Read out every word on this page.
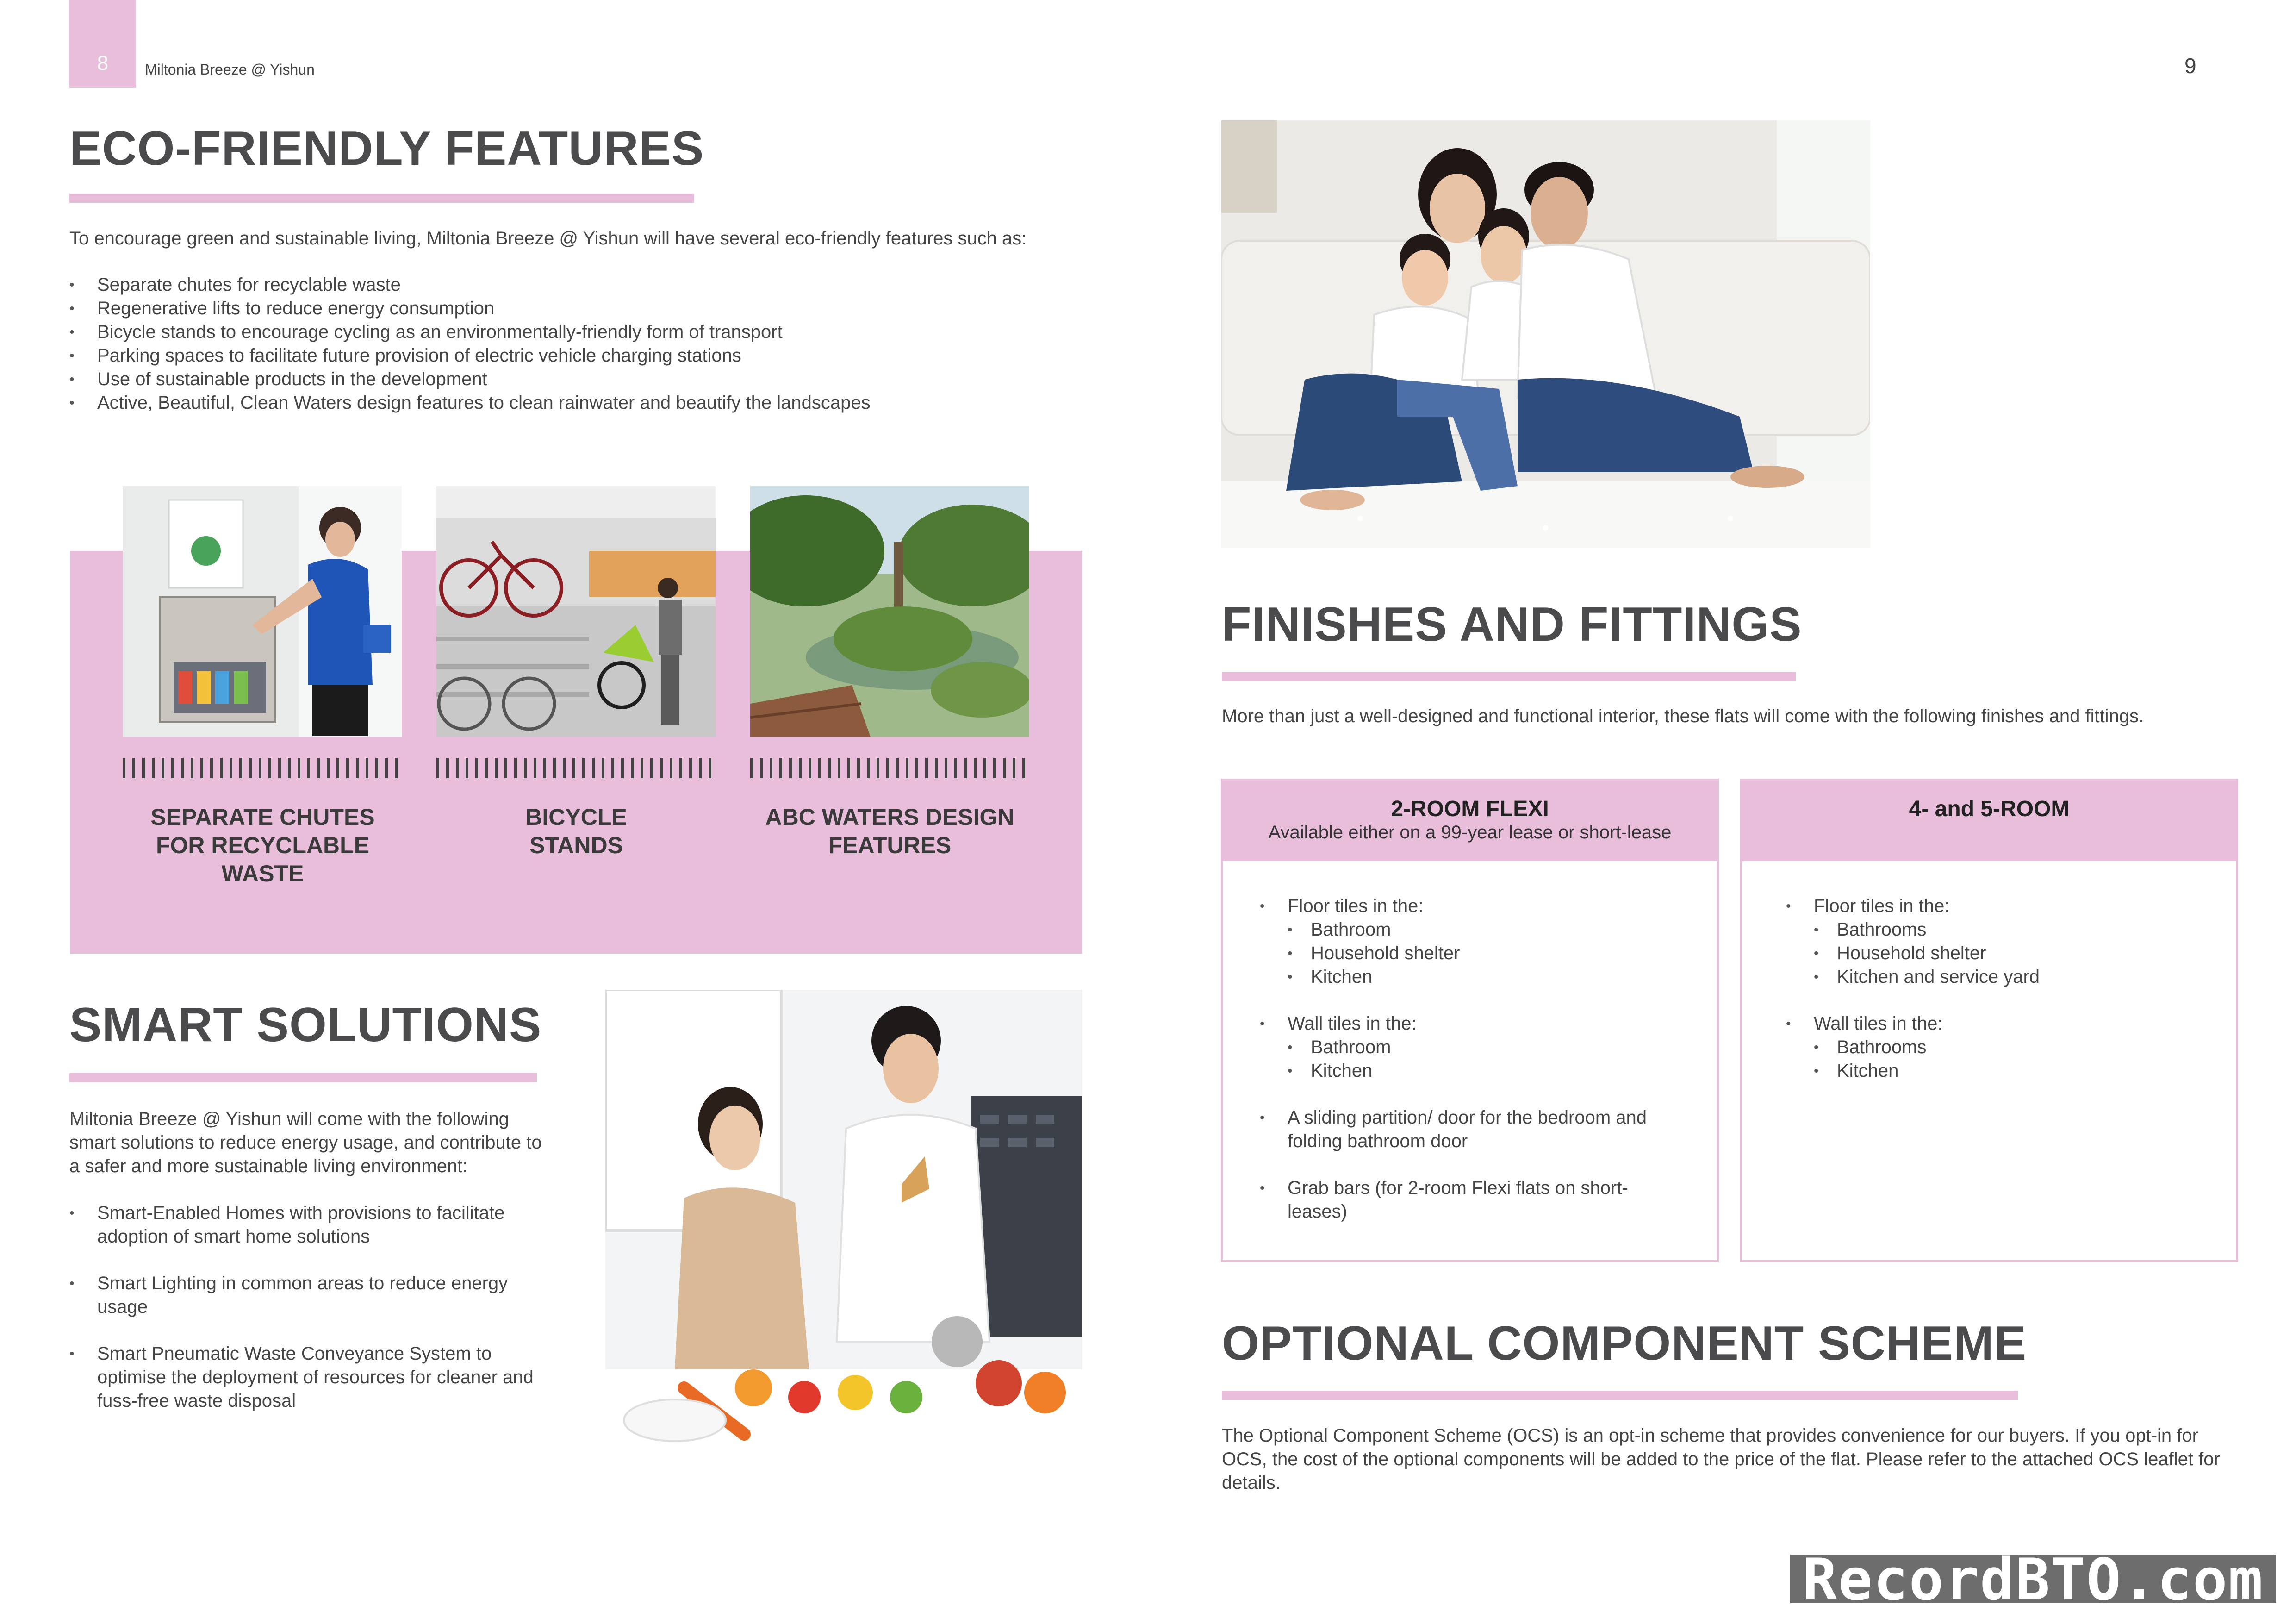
8	Miltonia Breeze @ Yishun	9
ECO-FRIENDLY FEATURES
To encourage green and sustainable living, Miltonia Breeze @ Yishun will have several eco-friendly features such as:
• Separate chutes for recyclable waste
• Regenerative lifts to reduce energy consumption
• Bicycle stands to encourage cycling as an environmentally-friendly form of transport
• Parking spaces to facilitate future provision of electric vehicle charging stations
• Use of sustainable products in the development
• Active, Beautiful, Clean Waters design features to clean rainwater and beautify the landscapes
SEPARATE CHUTES FOR RECYCLABLE WASTE
BICYCLE STANDS
ABC WATERS DESIGN FEATURES
SMART SOLUTIONS
Miltonia Breeze @ Yishun will come with the following smart solutions to reduce energy usage, and contribute to a safer and more sustainable living environment:
• Smart-Enabled Homes with provisions to facilitate adoption of smart home solutions
• Smart Lighting in common areas to reduce energy usage
• Smart Pneumatic Waste Conveyance System to optimise the deployment of resources for cleaner and fuss-free waste disposal
FINISHES AND FITTINGS
More than just a well-designed and functional interior, these flats will come with the following finishes and fittings.
2-ROOM FLEXI
Available either on a 99-year lease or short-lease
• Floor tiles in the:
• Bathroom
• Household shelter
• Kitchen
• Wall tiles in the:
• Bathroom
• Kitchen
• A sliding partition/ door for the bedroom and folding bathroom door
• Grab bars (for 2-room Flexi flats on short-leases)
4- and 5-ROOM
• Floor tiles in the:
• Bathrooms
• Household shelter
• Kitchen and service yard
• Wall tiles in the:
• Bathrooms
• Kitchen
OPTIONAL COMPONENT SCHEME
The Optional Component Scheme (OCS) is an opt-in scheme that provides convenience for our buyers. If you opt-in for OCS, the cost of the optional components will be added to the price of the flat. Please refer to the attached OCS leaflet for details.
RecordBTO.com
